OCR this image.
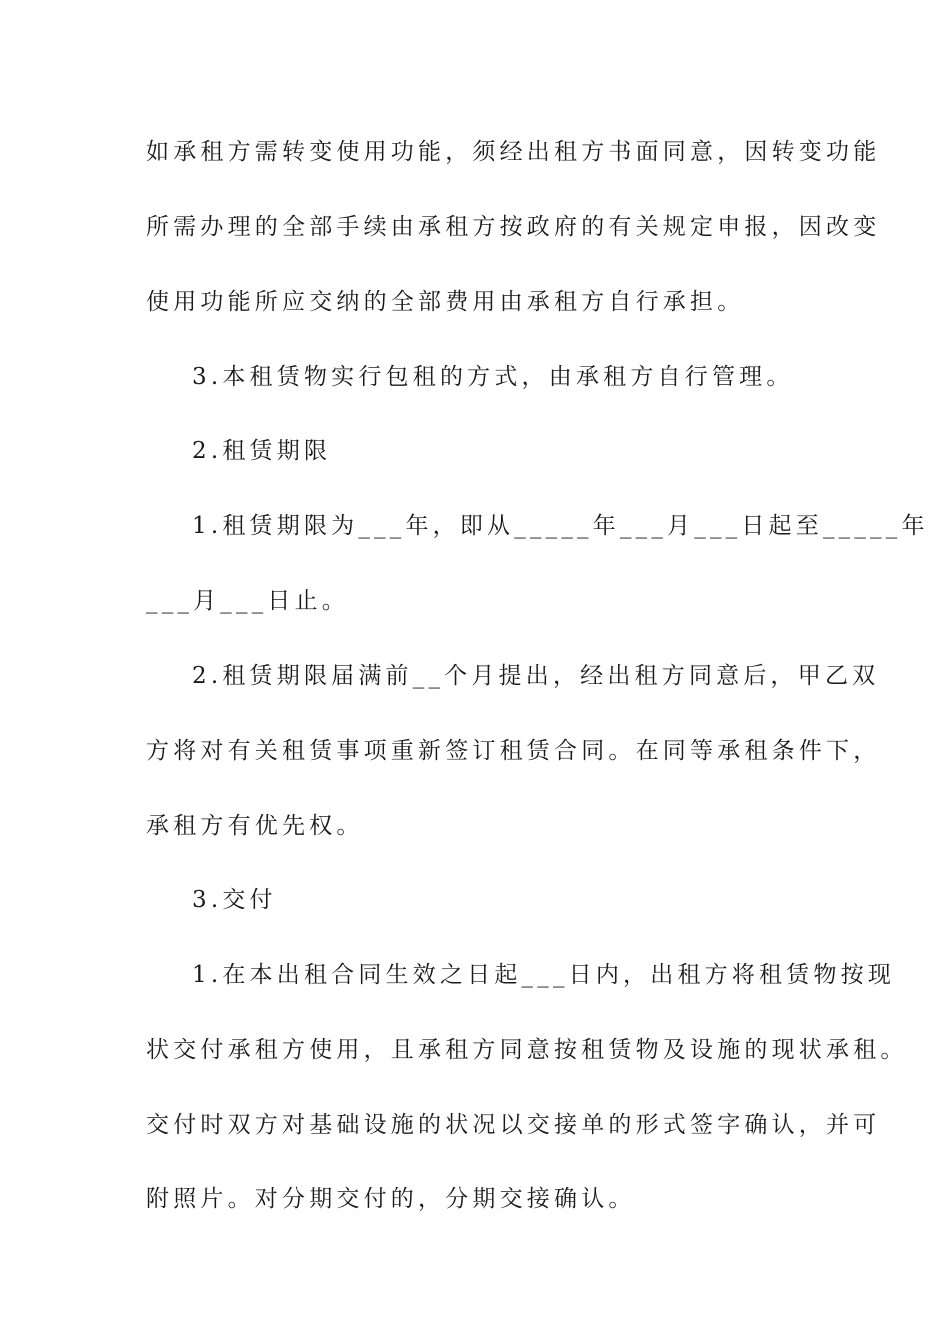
如承租方需转变使用功能，须经出租方书面同意，因转变功能
所需办理的全部手续由承租方按政府的有关规定申报，因改变
使用功能所应交纳的全部费用由承租方自行承担。
3.本租赁物实行包租的方式，由承租方自行管理。
2.租赁期限
1.租赁期限为___年，即从_____年___月___日起至_____年
___月___日止。
2.租赁期限届满前__个月提出，经出租方同意后，甲乙双
方将对有关租赁事项重新签订租赁合同。在同等承租条件下，
承租方有优先权。
3.交付
1.在本出租合同生效之日起___日内，出租方将租赁物按现
状交付承租方使用，且承租方同意按租赁物及设施的现状承租。
交付时双方对基础设施的状况以交接单的形式签字确认，并可
附照片。对分期交付的，分期交接确认。
